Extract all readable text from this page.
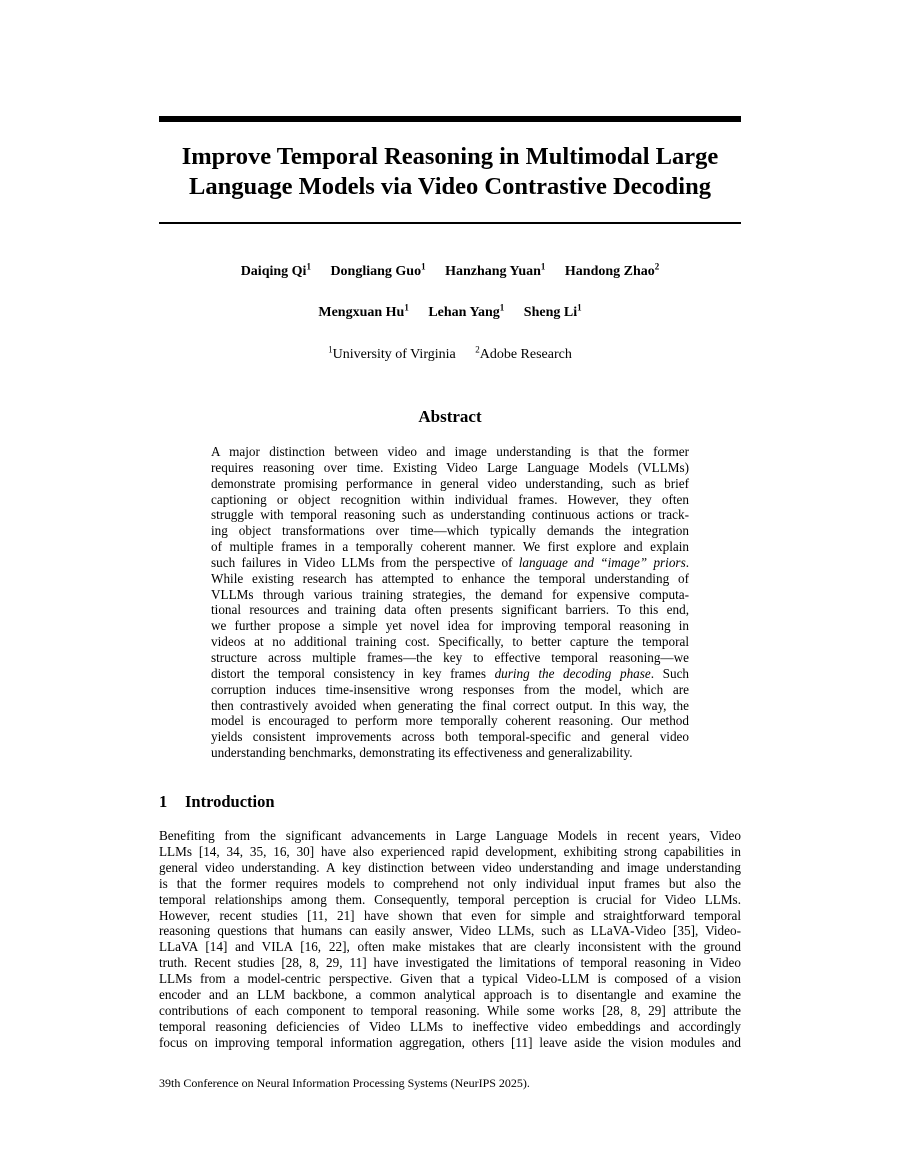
Improve Temporal Reasoning in Multimodal Large Language Models via Video Contrastive Decoding
Daiqing Qi$^1$ Dongliang Guo$^1$ Hanzhang Yuan$^1$ Handong Zhao$^2$
Mengxuan Hu$^1$ Lehan Yang$^1$ Sheng Li$^1$
$^1$University of Virginia $^2$Adobe Research
Abstract
A major distinction between video and image understanding is that the former
requires reasoning over time. Existing Video Large Language Models (VLLMs)
demonstrate promising performance in general video understanding, such as brief
captioning or object recognition within individual frames. However, they often
struggle with temporal reasoning such as understanding continuous actions or track-
ing object transformations over time—which typically demands the integration
of multiple frames in a temporally coherent manner. We first explore and explain
such failures in Video LLMs from the perspective of language and “image” priors.
While existing research has attempted to enhance the temporal understanding of
VLLMs through various training strategies, the demand for expensive computa-
tional resources and training data often presents significant barriers. To this end,
we further propose a simple yet novel idea for improving temporal reasoning in
videos at no additional training cost. Specifically, to better capture the temporal
structure across multiple frames—the key to effective temporal reasoning—we
distort the temporal consistency in key frames during the decoding phase. Such
corruption induces time-insensitive wrong responses from the model, which are
then contrastively avoided when generating the final correct output. In this way, the
model is encouraged to perform more temporally coherent reasoning. Our method
yields consistent improvements across both temporal-specific and general video
understanding benchmarks, demonstrating its effectiveness and generalizability.
1 Introduction
Benefiting from the significant advancements in Large Language Models in recent years, Video
LLMs [14, 34, 35, 16, 30] have also experienced rapid development, exhibiting strong capabilities in
general video understanding. A key distinction between video understanding and image understanding
is that the former requires models to comprehend not only individual input frames but also the
temporal relationships among them. Consequently, temporal perception is crucial for Video LLMs.
However, recent studies [11, 21] have shown that even for simple and straightforward temporal
reasoning questions that humans can easily answer, Video LLMs, such as LLaVA-Video [35], Video-
LLaVA [14] and VILA [16, 22], often make mistakes that are clearly inconsistent with the ground
truth. Recent studies [28, 8, 29, 11] have investigated the limitations of temporal reasoning in Video
LLMs from a model-centric perspective. Given that a typical Video-LLM is composed of a vision
encoder and an LLM backbone, a common analytical approach is to disentangle and examine the
contributions of each component to temporal reasoning. While some works [28, 8, 29] attribute the
temporal reasoning deficiencies of Video LLMs to ineffective video embeddings and accordingly
focus on improving temporal information aggregation, others [11] leave aside the vision modules and

39th Conference on Neural Information Processing Systems (NeurIPS 2025).
